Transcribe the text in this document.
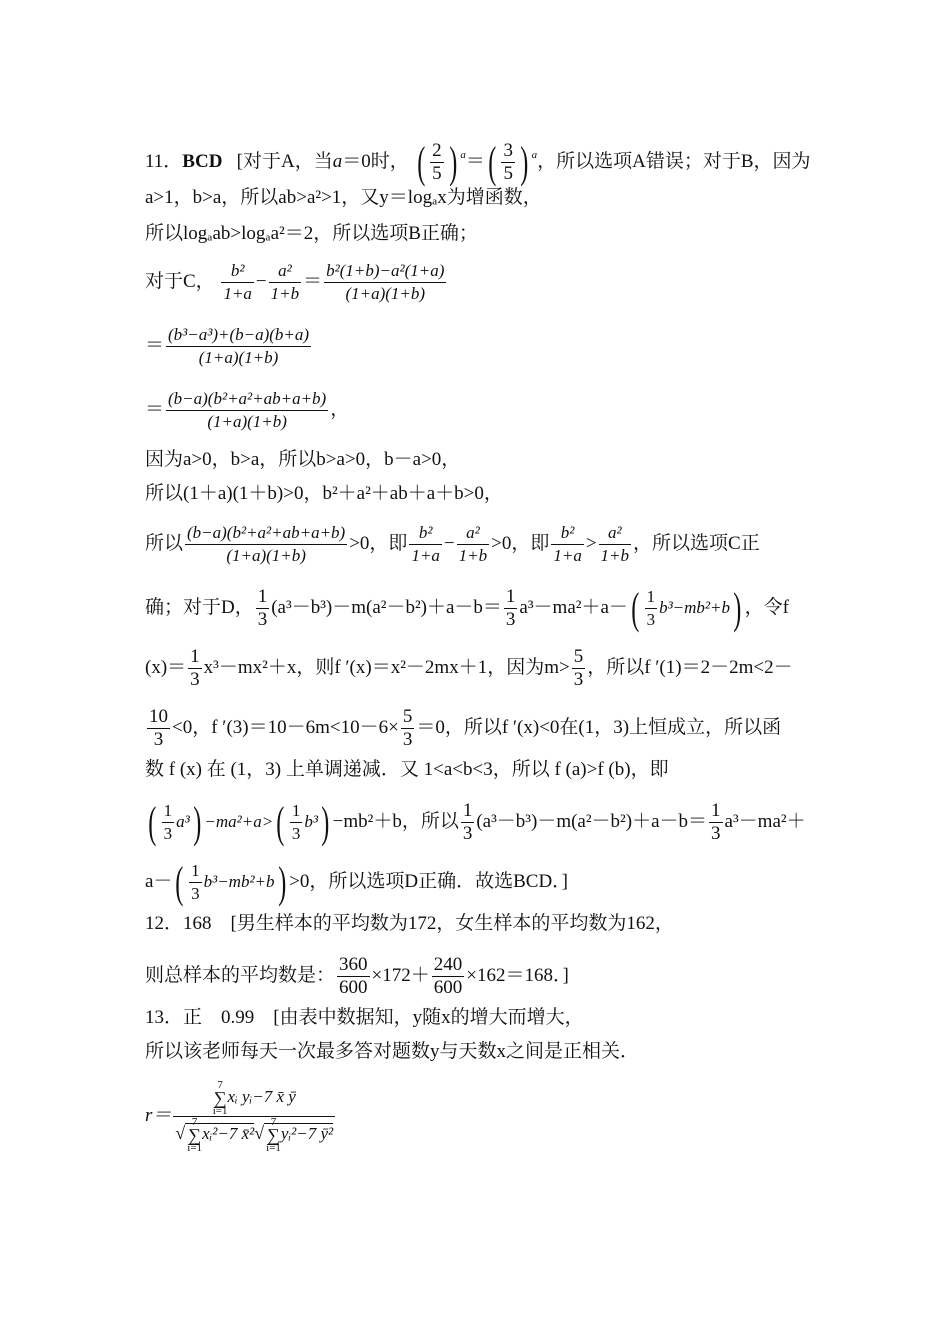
11．BCD [对于A，当a＝0时， ( $\frac{2}{5}$ ) $^a=( \frac{3}{5}$ ) $^a$，所以选项A错误；对于B，因为
a>1，b>a，所以ab>a²>1，又y＝logₐx为增函数，
所以logₐab>logₐa²＝2，所以选项B正确；
对于C， $\frac{\text{b²}}{1+a} - \frac{\text{a²}}{1+b} = \frac{\text{b²(1+b)−a²(1+a)}}{(1+a)(1+b)}$
＝ $\frac{\text{(b³−a³)+(b−a)(b+a)}}{(1+a)(1+b)}$
＝ $\frac{\text{(b−a)(b²+a²+ab+a+b)}}{(1+a)(1+b)}$ ，
因为a>0，b>a，所以b>a>0，b－a>0，
所以(1＋a)(1＋b)>0，b²＋a²＋ab＋a＋b>0，
所以 $\frac{\text{(b−a)(b²+a²+ab+a+b)}}{(1+a)(1+b)} >0$，即 $\frac{\text{b²}}{1+a} - \frac{\text{a²}}{1+b} >0$，即 $\frac{\text{b²}}{1+a} > \frac{\text{a²}}{1+b}$ ，所以选项C正
确；对于D， $\frac{1}{3} (a^3-b^3)-m(a^2-b^2)+a-b= \frac{1}{3} a^3-ma^2+a-( \frac{1}{3} b^3-mb^2+b)$ ，令f
$(x)= \frac{1}{3} x^3-mx^2+x$，则f ′(x)＝x²－2mx＋1，因为$m> \frac{5}{3}$ ，所以f ′(1)＝2－2m<2－
$\frac{10}{3} <0$，f $'(3)=10-6m<10-6\times \frac{5}{3} =0$，所以f ′(x)<0在(1，3)上恒成立，所以函
数 f (x) 在 (1，3) 上单调递减．又 1<a<b<3，所以 f (a)>f (b)，即
( $\frac{1}{3} a^3) -ma^2+a>( \frac{1}{3} b^3) -mb^2+b$，所以 $\frac{1}{3} (a^3-b^3)-m(a^2-b^2)+a-b= \frac{1}{3} a^3-ma^2+$
$a-( \frac{1}{3} b^3-mb^2+b) >0$，所以选项D正确．故选BCD．]
12．168　[男生样本的平均数为172，女生样本的平均数为162，
则总样本的平均数是： $\frac{360}{600} \times 172+ \frac{240}{600} \times 162=168$．]
13．正　0.99　[由表中数据知，y随x的增大而增大，
所以该老师每天一次最多答对题数y与天数x之间是正相关．
r＝ 7
∑
i=1xᵢ yᵢ−7 x̄ ȳ
√7
∑
i=1xᵢ²−7 x̄²√7
∑
i=1yᵢ²−7 ȳ²
